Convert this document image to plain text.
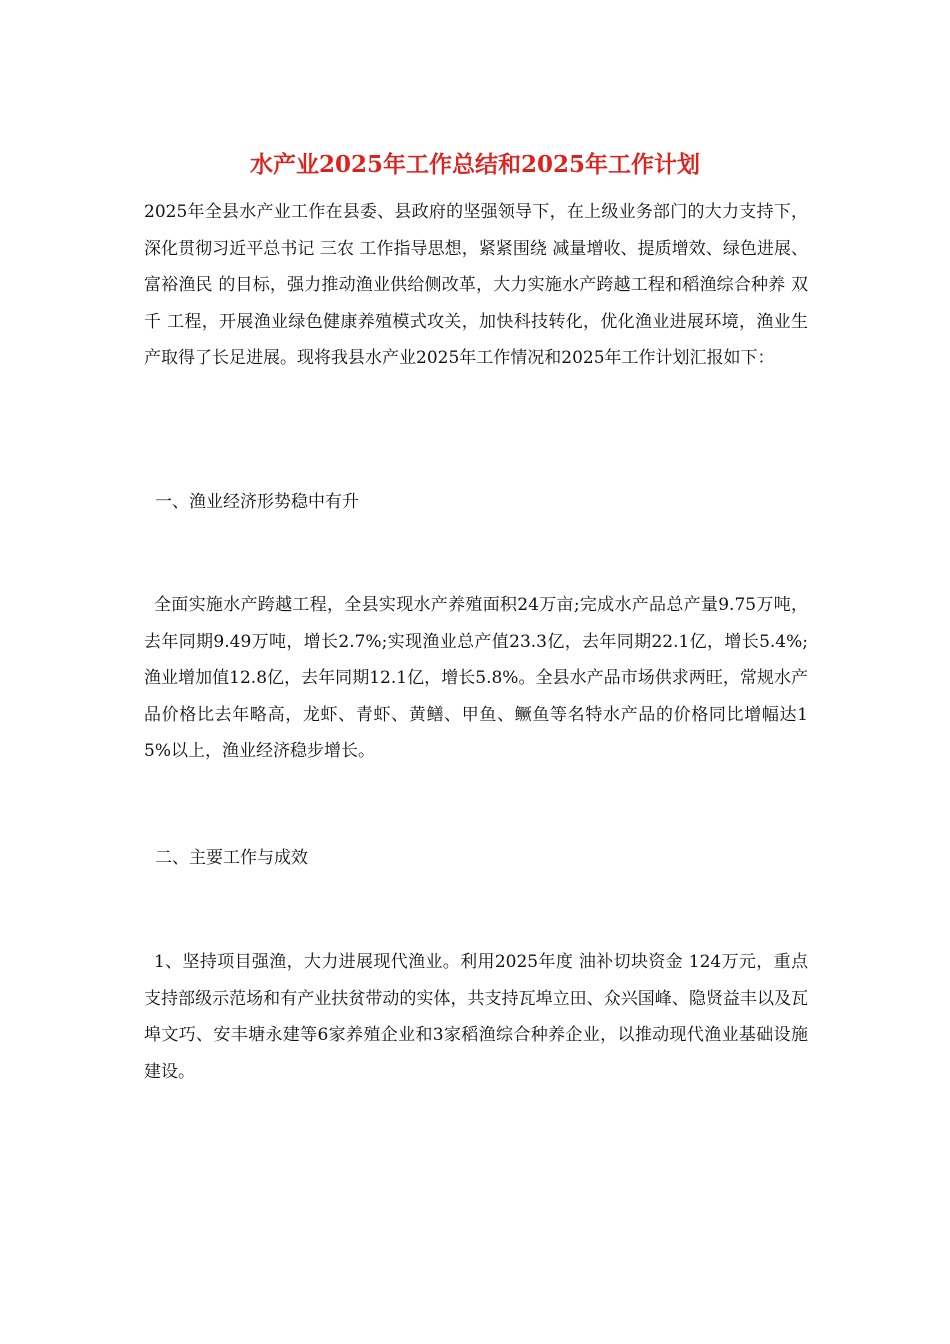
水产业2025年工作总结和2025年工作计划

2025年全县水产业工作在县委、县政府的坚强领导下，在上级业务部门的大力支持下，深化贯彻习近平总书记 三农 工作指导思想，紧紧围绕 减量增收、提质增效、绿色进展、富裕渔民 的目标，强力推动渔业供给侧改革，大力实施水产跨越工程和稻渔综合种养 双千 工程，开展渔业绿色健康养殖模式攻关，加快科技转化，优化渔业进展环境，渔业生产取得了长足进展。现将我县水产业2025年工作情况和2025年工作计划汇报如下：

一、渔业经济形势稳中有升

全面实施水产跨越工程，全县实现水产养殖面积24万亩;完成水产品总产量9.75万吨，去年同期9.49万吨，增长2.7%;实现渔业总产值23.3亿，去年同期22.1亿，增长5.4%;渔业增加值12.8亿，去年同期12.1亿，增长5.8%。全县水产品市场供求两旺，常规水产品价格比去年略高，龙虾、青虾、黄鳝、甲鱼、鳜鱼等名特水产品的价格同比增幅达15%以上，渔业经济稳步增长。

二、主要工作与成效

1、坚持项目强渔，大力进展现代渔业。利用2025年度 油补切块资金 124万元，重点支持部级示范场和有产业扶贫带动的实体，共支持瓦埠立田、众兴国峰、隐贤益丰以及瓦埠文巧、安丰塘永建等6家养殖企业和3家稻渔综合种养企业，以推动现代渔业基础设施建设。
